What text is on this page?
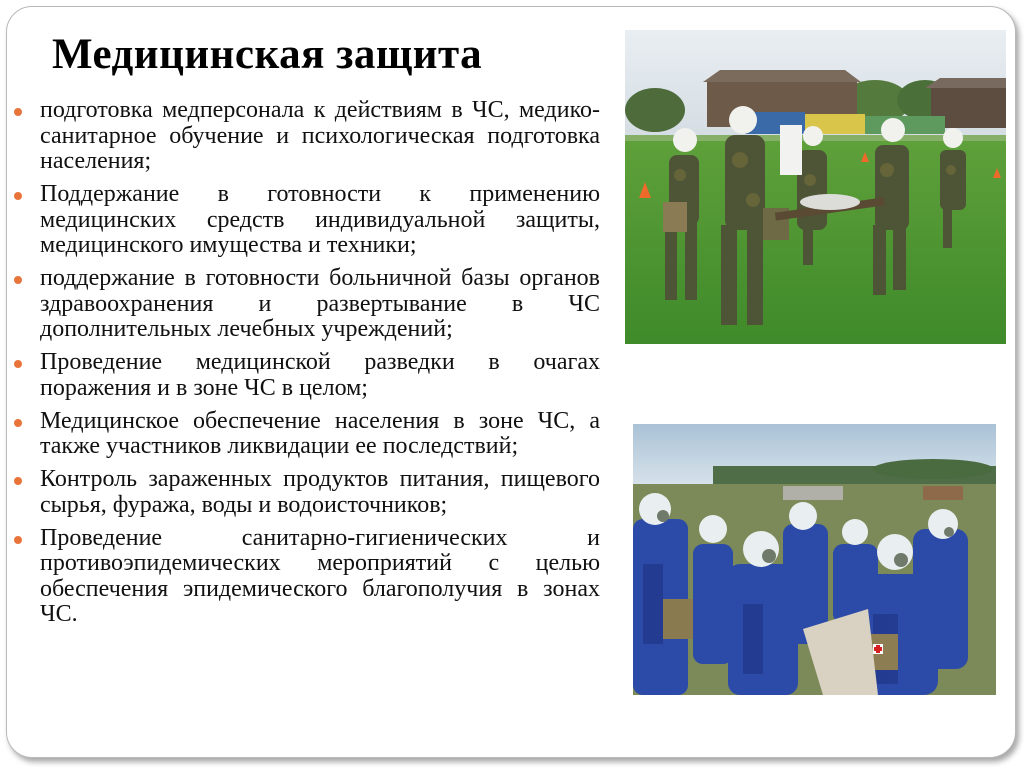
Медицинская защита
подготовка медперсонала к действиям в ЧС, медико-санитарное обучение и психологическая подготовка населения;
Поддержание в готовности к применению медицинских средств индивидуальной защиты, медицинского имущества и техники;
поддержание в готовности больничной базы органов здравоохранения и развертывание в ЧС дополнительных лечебных учреждений;
Проведение медицинской разведки в очагах поражения и в зоне ЧС в целом;
Медицинское обеспечение населения в зоне ЧС, а также участников ликвидации ее последствий;
Контроль зараженных продуктов питания, пищевого сырья, фуража, воды и водоисточников;
Проведение санитарно-гигиенических и противоэпидемических мероприятий с целью обеспечения эпидемического благополучия в зонах ЧС.
